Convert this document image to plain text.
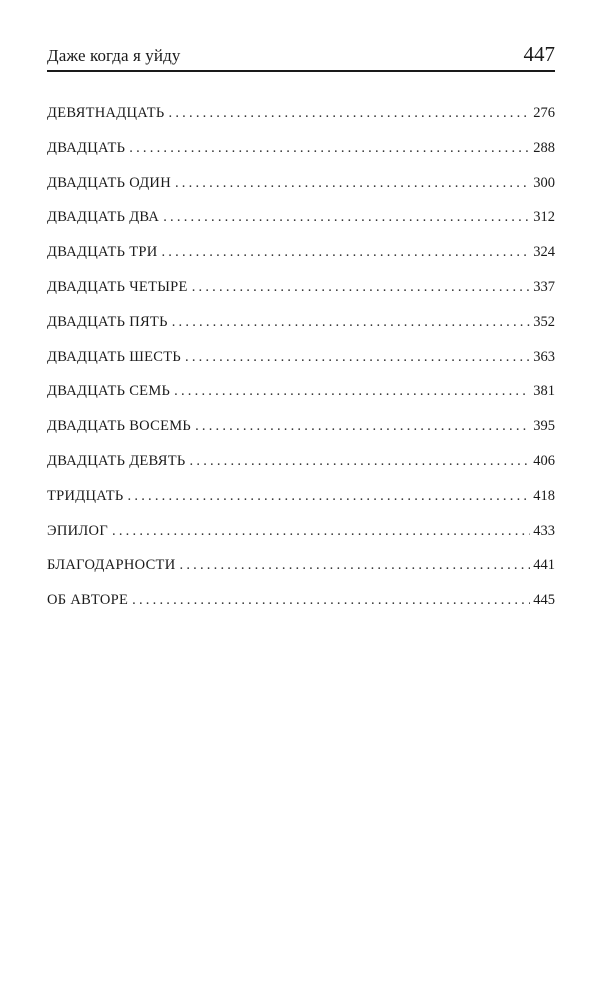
Даже когда я уйду	447
ДЕВЯТНАДЦАТЬ .....	276
ДВАДЦАТЬ .....	288
ДВАДЦАТЬ ОДИН .....	300
ДВАДЦАТЬ ДВА .....	312
ДВАДЦАТЬ ТРИ .....	324
ДВАДЦАТЬ ЧЕТЫРЕ .....	337
ДВАДЦАТЬ ПЯТЬ .....	352
ДВАДЦАТЬ ШЕСТЬ .....	363
ДВАДЦАТЬ СЕМЬ .....	381
ДВАДЦАТЬ ВОСЕМЬ .....	395
ДВАДЦАТЬ ДЕВЯТЬ .....	406
ТРИДЦАТЬ .....	418
ЭПИЛОГ .....	433
БЛАГОДАРНОСТИ .....	441
ОБ АВТОРЕ .....	445
